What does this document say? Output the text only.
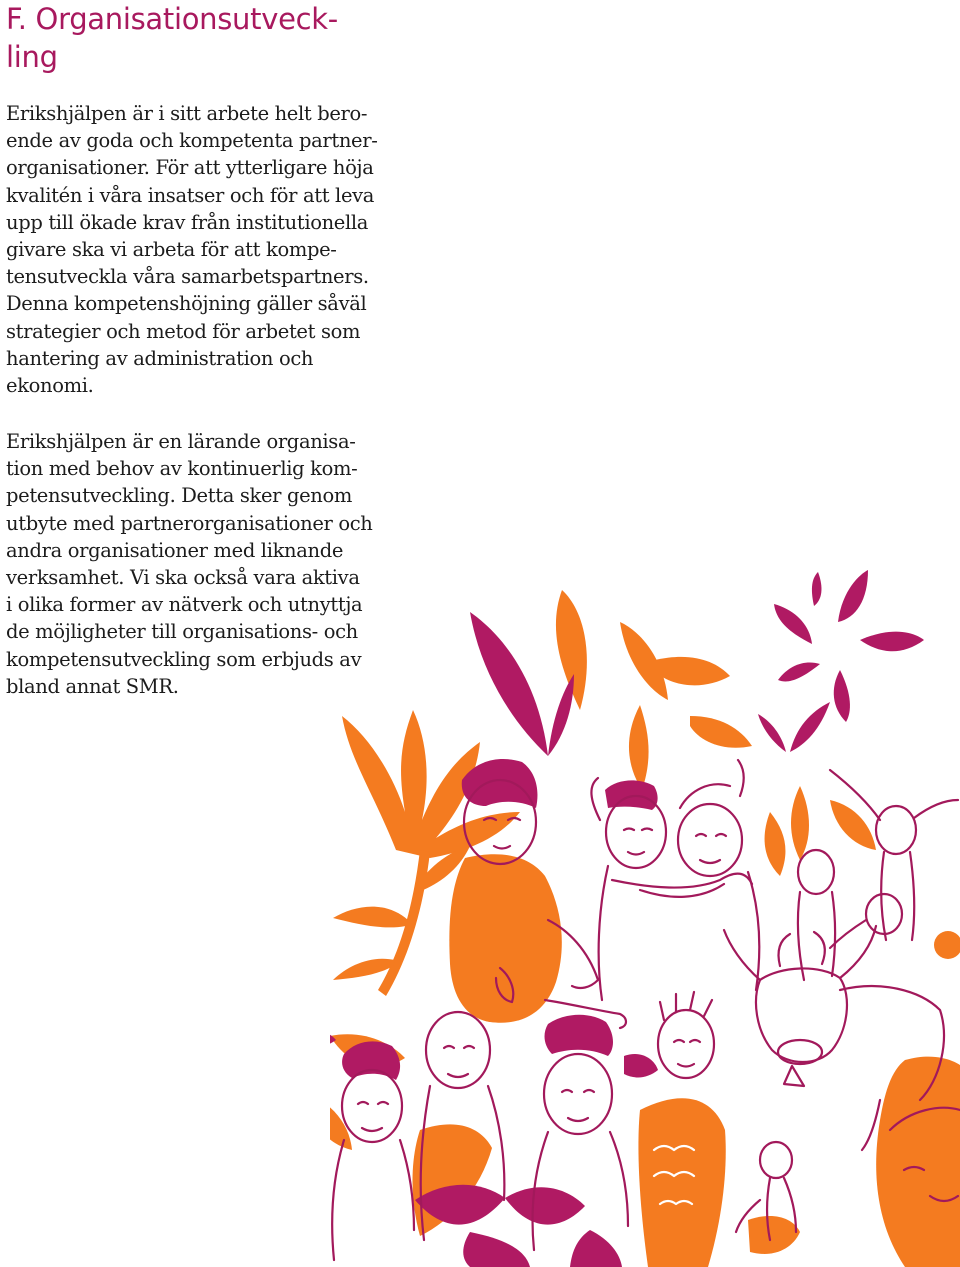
F. Organisationsutveck-
ling

Erikshjälpen är i sitt arbete helt bero-
ende av goda och kompetenta partner-
organisationer. För att ytterligare höja
kvalitén i våra insatser och för att leva
upp till ökade krav från institutionella
givare ska vi arbeta för att kompe-
tensutveckla våra samarbetspartners.
Denna kompetenshöjning gäller såväl
strategier och metod för arbetet som
hantering av administration och
ekonomi.

Erikshjälpen är en lärande organisa-
tion med behov av kontinuerlig kom-
petensutveckling. Detta sker genom
utbyte med partnerorganisationer och
andra organisationer med liknande
verksamhet. Vi ska också vara aktiva
i olika former av nätverk och utnyttja
de möjligheter till organisations- och
kompetensutveckling som erbjuds av
bland annat SMR.
